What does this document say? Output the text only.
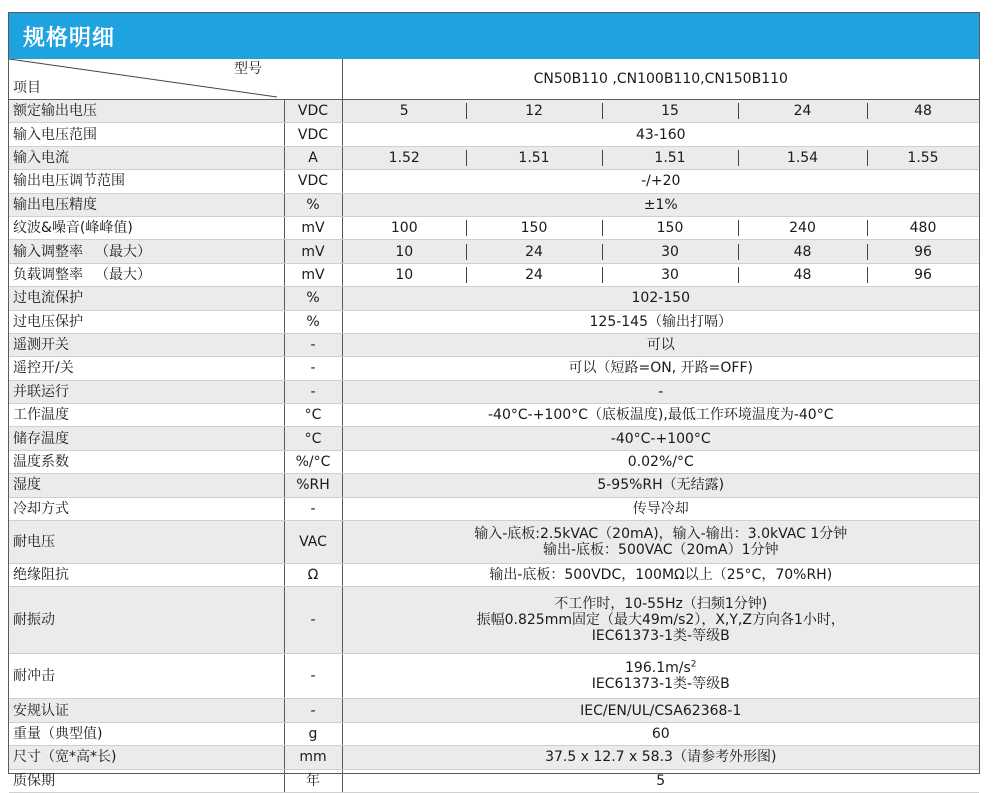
规格明细
型号
项目		CN50B110 ,CN100B110,CN150B110				
额定输出电压	VDC	5	12	15	24	48
输入电压范围	VDC	43-160				
输入电流	A	1.52	1.51	1.51	1.54	1.55
输出电压调节范围	VDC	-/+20				
输出电压精度	%	±1%				
纹波&噪音(峰峰值)	mV	100	150	150	240	480
输入调整率 （最大）	mV	10	24	30	48	96
负载调整率 （最大）	mV	10	24	30	48	96
过电流保护	%	102-150				
过电压保护	%	125-145（输出打嗝）				
遥测开关	-	可以				
遥控开/关	-	可以（短路=ON, 开路=OFF)				
并联运行	-	-				
工作温度	°C	-40°C-+100°C（底板温度),最低工作环境温度为-40°C				
储存温度	°C	-40°C-+100°C				
温度系数	%/°C	0.02%/°C				
湿度	%RH	5-95%RH（无结露)				
冷却方式	-	传导冷却				
耐电压	VAC	输入-底板:2.5kVAC（20mA)，输入-输出：3.0kVAC 1分钟
输出-底板：500VAC（20mA）1分钟				

绝缘阻抗	Ω	输出-底板：500VDC，100MΩ以上（25°C，70%RH)				
耐振动	-	不工作时，10-55Hz（扫频1分钟)
振幅0.825mm固定（最大49m/s2），X,Y,Z方向各1小时，
IEC61373-1类-等级B				

耐冲击	-	$196.1m/s^2$
IEC61373-1类-等级B				

安规认证	-	IEC/EN/UL/CSA62368-1				
重量（典型值)	g	60				
尺寸（宽*高*长)	mm	37.5 x 12.7 x 58.3（请参考外形图)				
质保期	年	5				
